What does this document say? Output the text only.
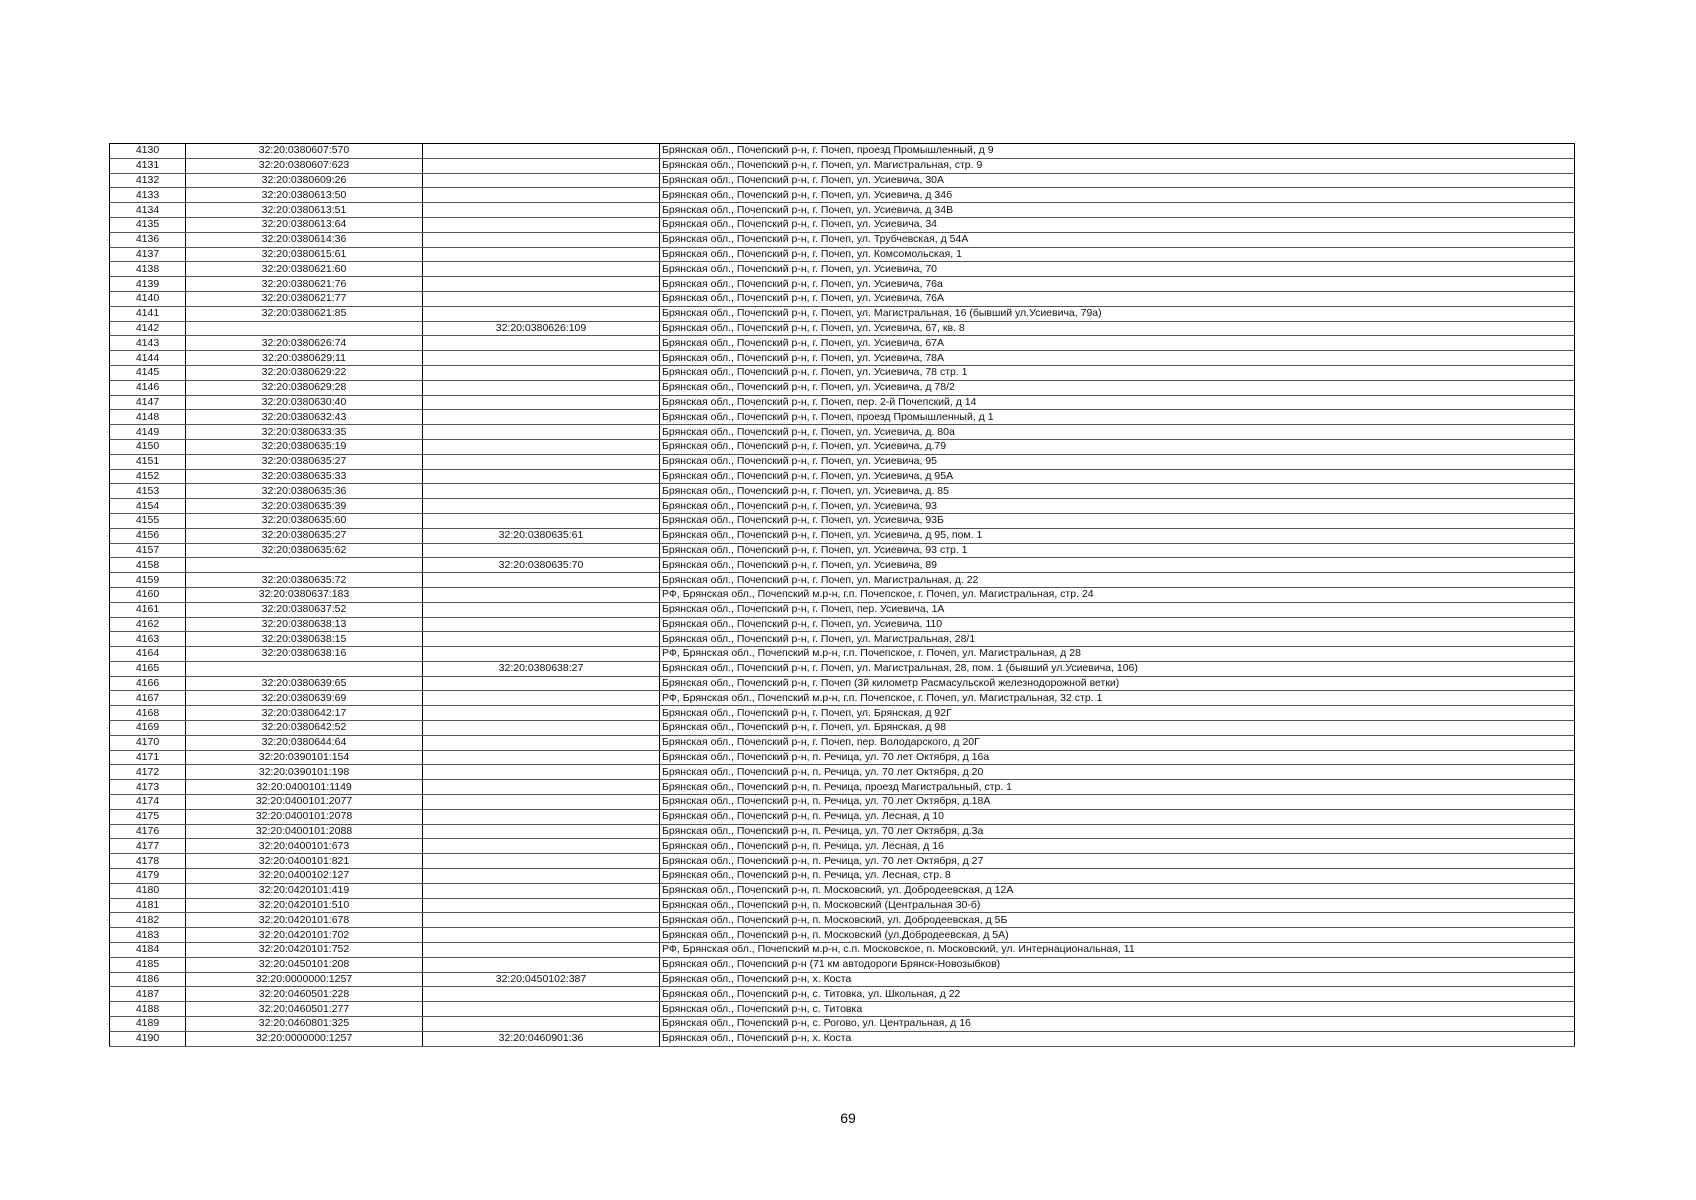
4130	32:20:0380607:570		Брянская обл., Почепский р-н, г. Почеп, проезд Промышленный, д 9
4131	32:20:0380607:623		Брянская обл., Почепский р-н, г. Почеп, ул. Магистральная, стр. 9
4132	32:20:0380609:26		Брянская обл., Почепский р-н, г. Почеп, ул. Усиевича, 30А
4133	32:20:0380613:50		Брянская обл., Почепский р-н, г. Почеп, ул. Усиевича, д 34б
4134	32:20:0380613:51		Брянская обл., Почепский р-н, г. Почеп, ул. Усиевича, д 34В
4135	32:20:0380613:64		Брянская обл., Почепский р-н, г. Почеп, ул. Усиевича, 34
4136	32:20:0380614:36		Брянская обл., Почепский р-н, г. Почеп, ул. Трубчевская, д 54А
4137	32:20:0380615:61		Брянская обл., Почепский р-н, г. Почеп, ул. Комсомольская, 1
4138	32:20:0380621:60		Брянская обл., Почепский р-н, г. Почеп, ул. Усиевича, 70
4139	32:20:0380621:76		Брянская обл., Почепский р-н, г. Почеп, ул. Усиевича, 76а
4140	32:20:0380621:77		Брянская обл., Почепский р-н, г. Почеп, ул. Усиевича, 76А
4141	32:20:0380621:85		Брянская обл., Почепский р-н, г. Почеп, ул. Магистральная, 16 (бывший ул.Усиевича, 79а)
4142		32:20:0380626:109	Брянская обл., Почепский р-н, г. Почеп, ул. Усиевича, 67, кв. 8
4143	32:20:0380626:74		Брянская обл., Почепский р-н, г. Почеп, ул. Усиевича, 67А
4144	32:20:0380629:11		Брянская обл., Почепский р-н, г. Почеп, ул. Усиевича, 78А
4145	32:20:0380629:22		Брянская обл., Почепский р-н, г. Почеп, ул. Усиевича, 78 стр. 1
4146	32:20:0380629:28		Брянская обл., Почепский р-н, г. Почеп, ул. Усиевича, д 78/2
4147	32:20:0380630:40		Брянская обл., Почепский р-н, г. Почеп, пер. 2-й Почепский, д 14
4148	32:20:0380632:43		Брянская обл., Почепский р-н, г. Почеп, проезд Промышленный, д 1
4149	32:20:0380633:35		Брянская обл., Почепский р-н, г. Почеп, ул. Усиевича, д. 80а
4150	32:20:0380635:19		Брянская обл., Почепский р-н, г. Почеп, ул. Усиевича, д.79
4151	32:20:0380635:27		Брянская обл., Почепский р-н, г. Почеп, ул. Усиевича, 95
4152	32:20:0380635:33		Брянская обл., Почепский р-н, г. Почеп, ул. Усиевича, д 95А
4153	32:20:0380635:36		Брянская обл., Почепский р-н, г. Почеп, ул. Усиевича, д. 85
4154	32:20:0380635:39		Брянская обл., Почепский р-н, г. Почеп, ул. Усиевича, 93
4155	32:20:0380635:60		Брянская обл., Почепский р-н, г. Почеп, ул. Усиевича, 93Б
4156	32:20:0380635:27	32:20:0380635:61	Брянская обл., Почепский р-н, г. Почеп, ул. Усиевича, д 95, пом. 1
4157	32:20:0380635:62		Брянская обл., Почепский р-н, г. Почеп, ул. Усиевича, 93 стр. 1
4158		32:20:0380635:70	Брянская обл., Почепский р-н, г. Почеп, ул. Усиевича, 89
4159	32:20:0380635:72		Брянская обл., Почепский р-н, г. Почеп, ул. Магистральная, д. 22
4160	32:20:0380637:183		РФ, Брянская обл., Почепский м.р-н, г.п. Почепское, г. Почеп, ул. Магистральная, стр. 24
4161	32:20:0380637:52		Брянская обл., Почепский р-н, г. Почеп, пер. Усиевича, 1А
4162	32:20:0380638:13		Брянская обл., Почепский р-н, г. Почеп, ул. Усиевича, 110
4163	32:20:0380638:15		Брянская обл., Почепский р-н, г. Почеп, ул. Магистральная, 28/1
4164	32:20:0380638:16		РФ, Брянская обл., Почепский м.р-н, г.п. Почепское, г. Почеп, ул. Магистральная, д 28
4165		32:20:0380638:27	Брянская обл., Почепский р-н, г. Почеп, ул. Магистральная, 28, пом. 1 (бывший ул.Усиевича, 106)
4166	32:20:0380639:65		Брянская обл., Почепский р-н, г. Почеп (3й километр Расмасульской железнодорожной ветки)
4167	32:20:0380639:69		РФ, Брянская обл., Почепский м.р-н, г.п. Почепское, г. Почеп, ул. Магистральная, 32 стр. 1
4168	32:20:0380642:17		Брянская обл., Почепский р-н, г. Почеп, ул. Брянская, д 92Г
4169	32:20:0380642:52		Брянская обл., Почепский р-н, г. Почеп, ул. Брянская, д 98
4170	32:20:0380644:64		Брянская обл., Почепский р-н, г. Почеп, пер. Володарского, д 20Г
4171	32:20:0390101:154		Брянская обл., Почепский р-н, п. Речица, ул. 70 лет Октября, д 16а
4172	32:20:0390101:198		Брянская обл., Почепский р-н, п. Речица, ул. 70 лет Октября, д 20
4173	32:20:0400101:1149		Брянская обл., Почепский р-н, п. Речица, проезд Магистральный, стр. 1
4174	32:20:0400101:2077		Брянская обл., Почепский р-н, п. Речица, ул. 70 лет Октября, д.18А
4175	32:20:0400101:2078		Брянская обл., Почепский р-н, п. Речица, ул. Лесная, д 10
4176	32:20:0400101:2088		Брянская обл., Почепский р-н, п. Речица, ул. 70 лет Октября, д.3а
4177	32:20:0400101:673		Брянская обл., Почепский р-н, п. Речица, ул. Лесная, д 16
4178	32:20:0400101:821		Брянская обл., Почепский р-н, п. Речица, ул. 70 лет Октября, д 27
4179	32:20:0400102:127		Брянская обл., Почепский р-н, п. Речица, ул. Лесная, стр. 8
4180	32:20:0420101:419		Брянская обл., Почепский р-н, п. Московский, ул. Добродеевская, д 12А
4181	32:20:0420101:510		Брянская обл., Почепский р-н, п. Московский (Центральная 30-б)
4182	32:20:0420101:678		Брянская обл., Почепский р-н, п. Московский, ул. Добродеевская, д 5Б
4183	32:20:0420101:702		Брянская обл., Почепский р-н, п. Московский (ул.Добродеевская, д 5А)
4184	32:20:0420101:752		РФ, Брянская обл., Почепский м.р-н, с.п. Московское, п. Московский, ул. Интернациональная, 11
4185	32:20:0450101:208		Брянская обл., Почепский р-н (71 км автодороги Брянск-Новозыбков)
4186	32:20:0000000:1257	32:20:0450102:387	Брянская обл., Почепский р-н, х. Коста
4187	32:20:0460501:228		Брянская обл., Почепский р-н, с. Титовка, ул. Школьная, д 22
4188	32:20:0460501:277		Брянская обл., Почепский р-н, с. Титовка
4189	32:20:0460801:325		Брянская обл., Почепский р-н, с. Рогово, ул. Центральная, д 16
4190	32:20:0000000:1257	32:20:0460901:36	Брянская обл., Почепский р-н, х. Коста
69
